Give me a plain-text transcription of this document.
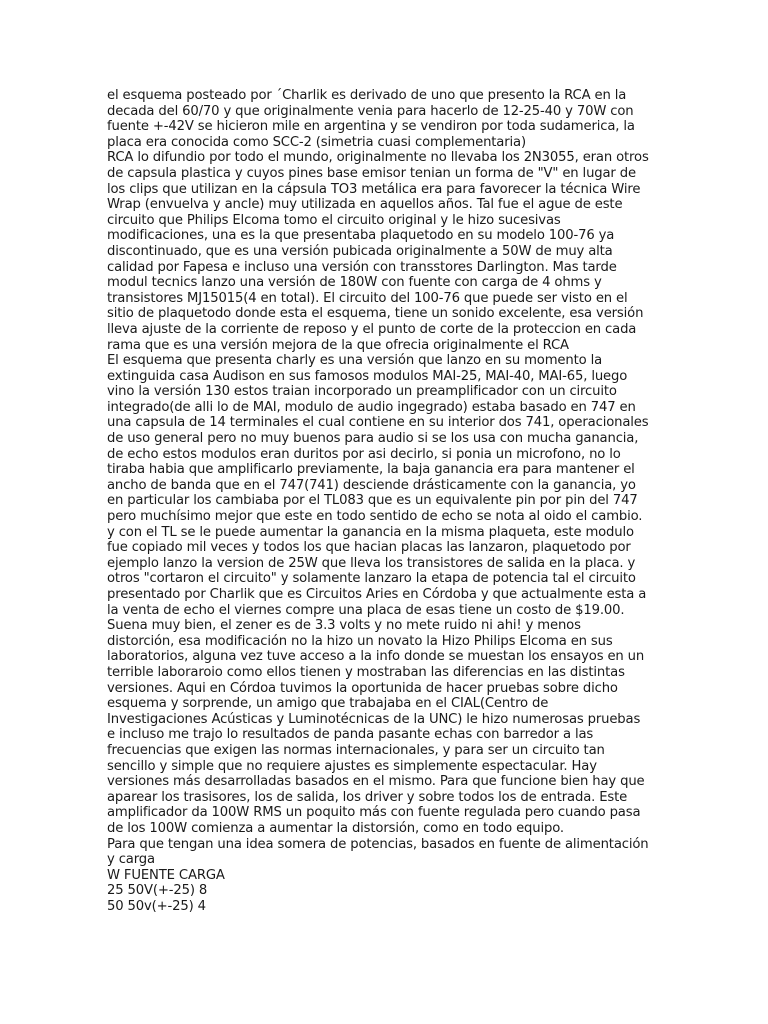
el esquema posteado por ´Charlik es derivado de uno que presento la RCA en la
decada del 60/70 y que originalmente venia para hacerlo de 12-25-40 y 70W con
fuente +-42V se hicieron mile en argentina y se vendiron por toda sudamerica, la
placa era conocida como SCC-2 (simetria cuasi complementaria)
RCA lo difundio por todo el mundo, originalmente no llevaba los 2N3055, eran otros
de capsula plastica y cuyos pines base emisor tenian un forma de "V" en lugar de
los clips que utilizan en la cápsula TO3 metálica era para favorecer la técnica Wire
Wrap (envuelva y ancle) muy utilizada en aquellos años. Tal fue el ague de este
circuito que Philips Elcoma tomo el circuito original y le hizo sucesivas
modificaciones, una es la que presentaba plaquetodo en su modelo 100-76 ya
discontinuado, que es una versión pubicada originalmente a 50W de muy alta
calidad por Fapesa e incluso una versión con transstores Darlington. Mas tarde
modul tecnics lanzo una versión de 180W con fuente con carga de 4 ohms y
transistores MJ15015(4 en total). El circuito del 100-76 que puede ser visto en el
sitio de plaquetodo donde esta el esquema, tiene un sonido excelente, esa versión
lleva ajuste de la corriente de reposo y el punto de corte de la proteccion en cada
rama que es una versión mejora de la que ofrecia originalmente el RCA
El esquema que presenta charly es una versión que lanzo en su momento la
extinguida casa Audison en sus famosos modulos MAI-25, MAI-40, MAI-65, luego
vino la versión 130 estos traian incorporado un preamplificador con un circuito
integrado(de alli lo de MAI, modulo de audio ingegrado) estaba basado en 747 en
una capsula de 14 terminales el cual contiene en su interior dos 741, operacionales
de uso general pero no muy buenos para audio si se los usa con mucha ganancia,
de echo estos modulos eran duritos por asi decirlo, si ponia un microfono, no lo
tiraba habia que amplificarlo previamente, la baja ganancia era para mantener el
ancho de banda que en el 747(741) desciende drásticamente con la ganancia, yo
en particular los cambiaba por el TL083 que es un equivalente pin por pin del 747
pero muchísimo mejor que este en todo sentido de echo se nota al oido el cambio.
y con el TL se le puede aumentar la ganancia en la misma plaqueta, este modulo
fue copiado mil veces y todos los que hacian placas las lanzaron, plaquetodo por
ejemplo lanzo la version de 25W que lleva los transistores de salida en la placa. y
otros "cortaron el circuito" y solamente lanzaro la etapa de potencia tal el circuito
presentado por Charlik que es Circuitos Aries en Córdoba y que actualmente esta a
la venta de echo el viernes compre una placa de esas tiene un costo de $19.00.
Suena muy bien, el zener es de 3.3 volts y no mete ruido ni ahi! y menos
distorción, esa modificación no la hizo un novato la Hizo Philips Elcoma en sus
laboratorios, alguna vez tuve acceso a la info donde se muestan los ensayos en un
terrible laboraroio como ellos tienen y mostraban las diferencias en las distintas
versiones. Aqui en Córdoa tuvimos la oportunida de hacer pruebas sobre dicho
esquema y sorprende, un amigo que trabajaba en el CIAL(Centro de
Investigaciones Acústicas y Luminotécnicas de la UNC) le hizo numerosas pruebas
e incluso me trajo lo resultados de panda pasante echas con barredor a las
frecuencias que exigen las normas internacionales, y para ser un circuito tan
sencillo y simple que no requiere ajustes es simplemente espectacular. Hay
versiones más desarrolladas basados en el mismo. Para que funcione bien hay que
aparear los trasisores, los de salida, los driver y sobre todos los de entrada. Este
amplificador da 100W RMS un poquito más con fuente regulada pero cuando pasa
de los 100W comienza a aumentar la distorsión, como en todo equipo.
Para que tengan una idea somera de potencias, basados en fuente de alimentación
y carga
W FUENTE CARGA
25 50V(+-25) 8
50 50v(+-25) 4
